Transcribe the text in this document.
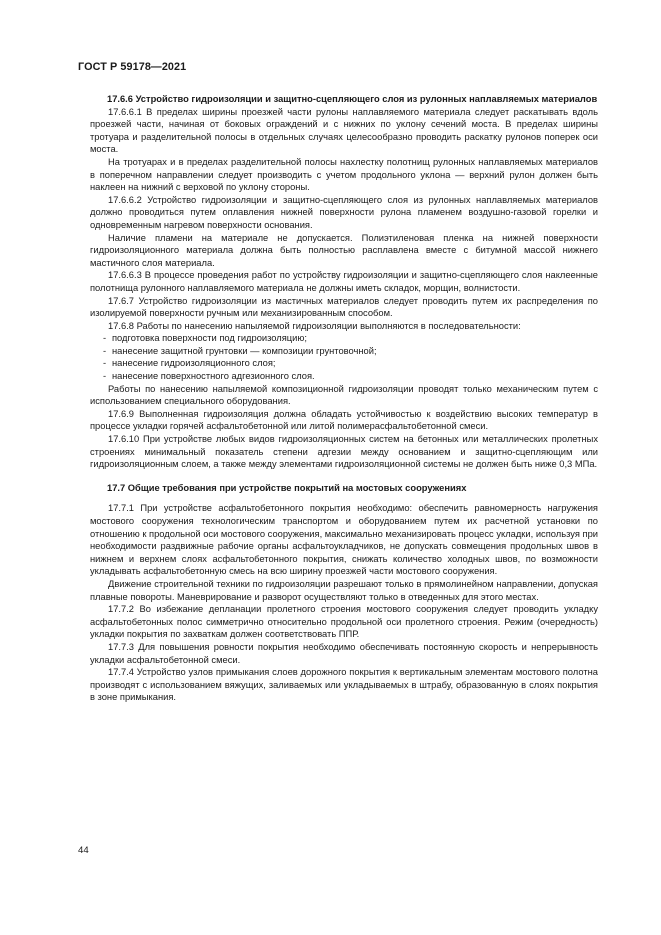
ГОСТ Р 59178—2021

17.6.6 Устройство гидроизоляции и защитно-сцепляющего слоя из рулонных наплавляемых материалов

17.6.6.1 В пределах ширины проезжей части рулоны наплавляемого материала следует раскатывать вдоль проезжей части, начиная от боковых ограждений и с нижних по уклону сечений моста. В пределах ширины тротуара и разделительной полосы в отдельных случаях целесообразно проводить раскатку рулонов поперек оси моста.

На тротуарах и в пределах разделительной полосы нахлестку полотнищ рулонных наплавляемых материалов в поперечном направлении следует производить с учетом продольного уклона — верхний рулон должен быть наклеен на нижний с верховой по уклону стороны.

17.6.6.2 Устройство гидроизоляции и защитно-сцепляющего слоя из рулонных наплавляемых материалов должно проводиться путем оплавления нижней поверхности рулона пламенем воздушно-газовой горелки и одновременным нагревом поверхности основания.

Наличие пламени на материале не допускается. Полиэтиленовая пленка на нижней поверхности гидроизоляционного материала должна быть полностью расплавлена вместе с битумной массой нижнего мастичного слоя материала.

17.6.6.3 В процессе проведения работ по устройству гидроизоляции и защитно-сцепляющего слоя наклеенные полотнища рулонного наплавляемого материала не должны иметь складок, морщин, волнистости.

17.6.7 Устройство гидроизоляции из мастичных материалов следует проводить путем их распределения по изолируемой поверхности ручным или механизированным способом.

17.6.8 Работы по нанесению напыляемой гидроизоляции выполняются в последовательности:

- подготовка поверхности под гидроизоляцию;

- нанесение защитной грунтовки — композиции грунтовочной;

- нанесение гидроизоляционного слоя;

- нанесение поверхностного адгезионного слоя.

Работы по нанесению напыляемой композиционной гидроизоляции проводят только механическим путем с использованием специального оборудования.

17.6.9 Выполненная гидроизоляция должна обладать устойчивостью к воздействию высоких температур в процессе укладки горячей асфальтобетонной или литой полимерасфальтобетонной смеси.

17.6.10 При устройстве любых видов гидроизоляционных систем на бетонных или металлических пролетных строениях минимальный показатель степени адгезии между основанием и защитно-сцепляющим или гидроизоляционным слоем, а также между элементами гидроизоляционной системы не должен быть ниже 0,3 МПа.

17.7 Общие требования при устройстве покрытий на мостовых сооружениях

17.7.1 При устройстве асфальтобетонного покрытия необходимо: обеспечить равномерность нагружения мостового сооружения технологическим транспортом и оборудованием путем их расчетной установки по отношению к продольной оси мостового сооружения, максимально механизировать процесс укладки, используя при необходимости раздвижные рабочие органы асфальтоукладчиков, не допускать совмещения продольных швов в нижнем и верхнем слоях асфальтобетонного покрытия, снижать количество холодных швов, по возможности укладывать асфальтобетонную смесь на всю ширину проезжей части мостового сооружения.

Движение строительной техники по гидроизоляции разрешают только в прямолинейном направлении, допуская плавные повороты. Маневрирование и разворот осуществляют только в отведенных для этого местах.

17.7.2 Во избежание депланации пролетного строения мостового сооружения следует проводить укладку асфальтобетонных полос симметрично относительно продольной оси пролетного строения. Режим (очередность) укладки покрытия по захваткам должен соответствовать ППР.

17.7.3 Для повышения ровности покрытия необходимо обеспечивать постоянную скорость и непрерывность укладки асфальтобетонной смеси.

17.7.4 Устройство узлов примыкания слоев дорожного покрытия к вертикальным элементам мостового полотна производят с использованием вяжущих, заливаемых или укладываемых в штрабу, образованную в слоях покрытия в зоне примыкания.

44
